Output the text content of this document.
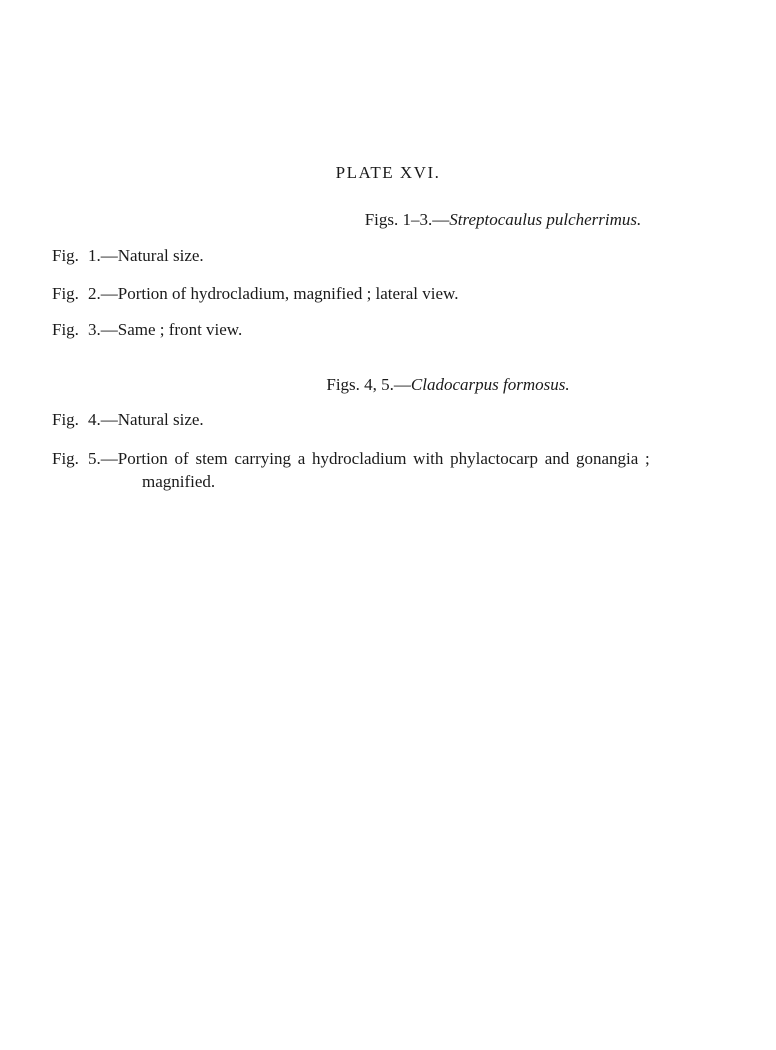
PLATE XVI.
Figs. 1–3.—Streptocaulus pulcherrimus.
Fig. 1.—Natural size.
Fig. 2.—Portion of hydrocladium, magnified ; lateral view.
Fig. 3.—Same ; front view.
Figs. 4, 5.—Cladocarpus formosus.
Fig. 4.—Natural size.
Fig. 5.—Portion of stem carrying a hydrocladium with phylactocarp and gonangia ;
magnified.
